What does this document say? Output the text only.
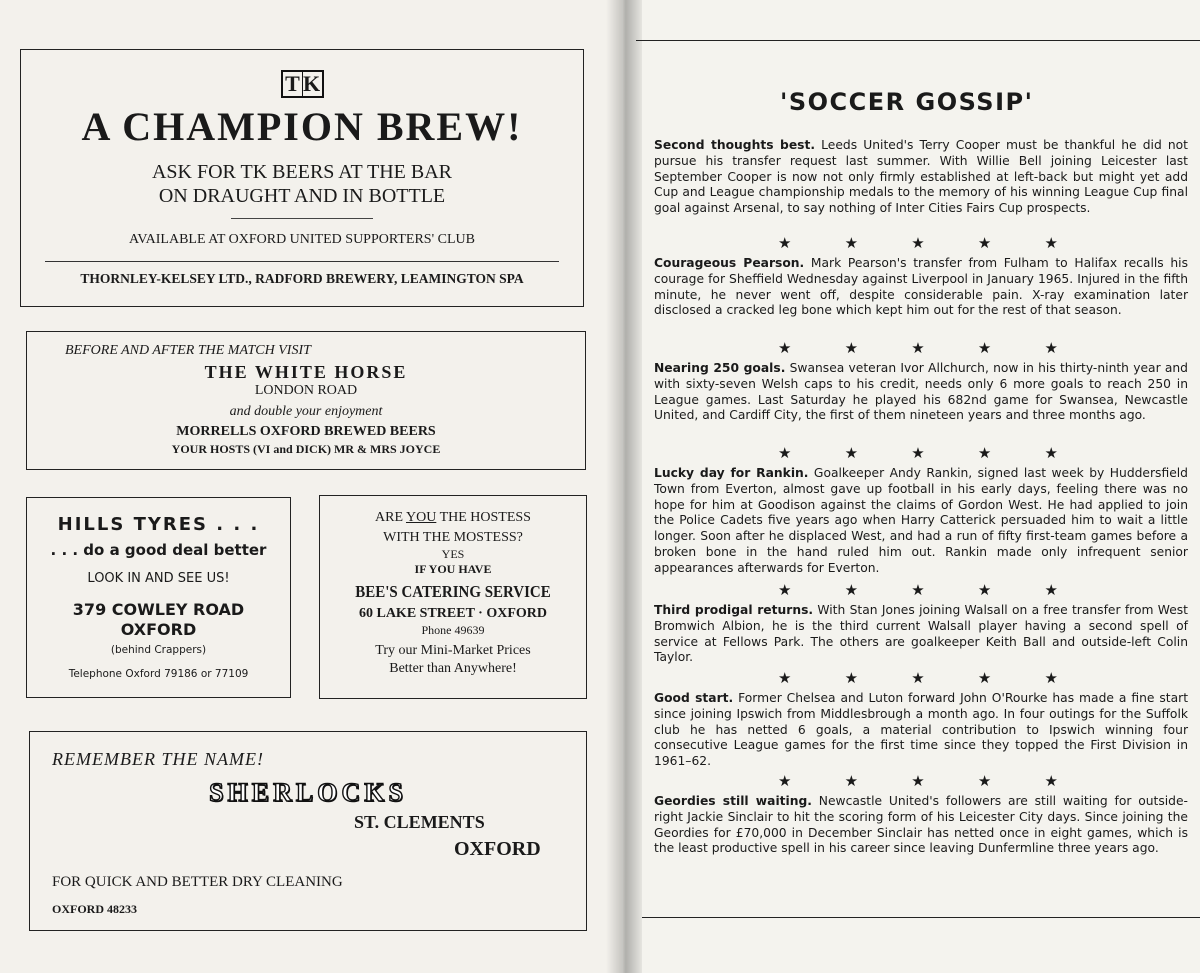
T K
A CHAMPION BREW!
ASK FOR TK BEERS AT THE BAR
ON DRAUGHT AND IN BOTTLE
AVAILABLE AT OXFORD UNITED SUPPORTERS' CLUB
THORNLEY-KELSEY LTD., RADFORD BREWERY, LEAMINGTON SPA
BEFORE AND AFTER THE MATCH VISIT
THE WHITE HORSE
LONDON ROAD
and double your enjoyment
MORRELLS OXFORD BREWED BEERS
YOUR HOSTS (VI and DICK) MR & MRS JOYCE
HILLS TYRES . . .
. . . do a good deal better
LOOK IN AND SEE US!
379 COWLEY ROAD
OXFORD
(behind Crappers)
Telephone Oxford 79186 or 77109
ARE YOU THE HOSTESS
WITH THE MOSTESS?
YES
IF YOU HAVE
BEE'S CATERING SERVICE
60 LAKE STREET · OXFORD
Phone 49639
Try our Mini-Market Prices
Better than Anywhere!
REMEMBER THE NAME!
SHERLOCKS
ST. CLEMENTS
OXFORD
FOR QUICK AND BETTER DRY CLEANING
OXFORD 48233
'SOCCER GOSSIP'

Second thoughts best. Leeds United's Terry Cooper must be thankful he did not pursue his transfer request last summer. With Willie Bell joining Leicester last September Cooper is now not only firmly established at left-back but might yet add Cup and League championship medals to the memory of his winning League Cup final goal against Arsenal, to say nothing of Inter Cities Fairs Cup prospects.

★	★	★	★	★

Courageous Pearson. Mark Pearson's transfer from Fulham to Halifax recalls his courage for Sheffield Wednesday against Liverpool in January 1965. Injured in the fifth minute, he never went off, despite considerable pain. X-ray examination later disclosed a cracked leg bone which kept him out for the rest of that season.

★	★	★	★	★

Nearing 250 goals. Swansea veteran Ivor Allchurch, now in his thirty-ninth year and with sixty-seven Welsh caps to his credit, needs only 6 more goals to reach 250 in League games. Last Saturday he played his 682nd game for Swansea, Newcastle United, and Cardiff City, the first of them nineteen years and three months ago.

★	★	★	★	★

Lucky day for Rankin. Goalkeeper Andy Rankin, signed last week by Huddersfield Town from Everton, almost gave up football in his early days, feeling there was no hope for him at Goodison against the claims of Gordon West. He had applied to join the Police Cadets five years ago when Harry Catterick persuaded him to wait a little longer. Soon after he displaced West, and had a run of fifty first-team games before a broken bone in the hand ruled him out. Rankin made only infrequent senior appearances afterwards for Everton.

★	★	★	★	★

Third prodigal returns. With Stan Jones joining Walsall on a free transfer from West Bromwich Albion, he is the third current Walsall player having a second spell of service at Fellows Park. The others are goalkeeper Keith Ball and outside-left Colin Taylor.

★	★	★	★	★

Good start. Former Chelsea and Luton forward John O'Rourke has made a fine start since joining Ipswich from Middlesbrough a month ago. In four outings for the Suffolk club he has netted 6 goals, a material contribution to Ipswich winning four consecutive League games for the first time since they topped the First Division in 1961–62.

★	★	★	★	★

Geordies still waiting. Newcastle United's followers are still waiting for outside-right Jackie Sinclair to hit the scoring form of his Leicester City days. Since joining the Geordies for £70,000 in December Sinclair has netted once in eight games, which is the least productive spell in his career since leaving Dunfermline three years ago.
